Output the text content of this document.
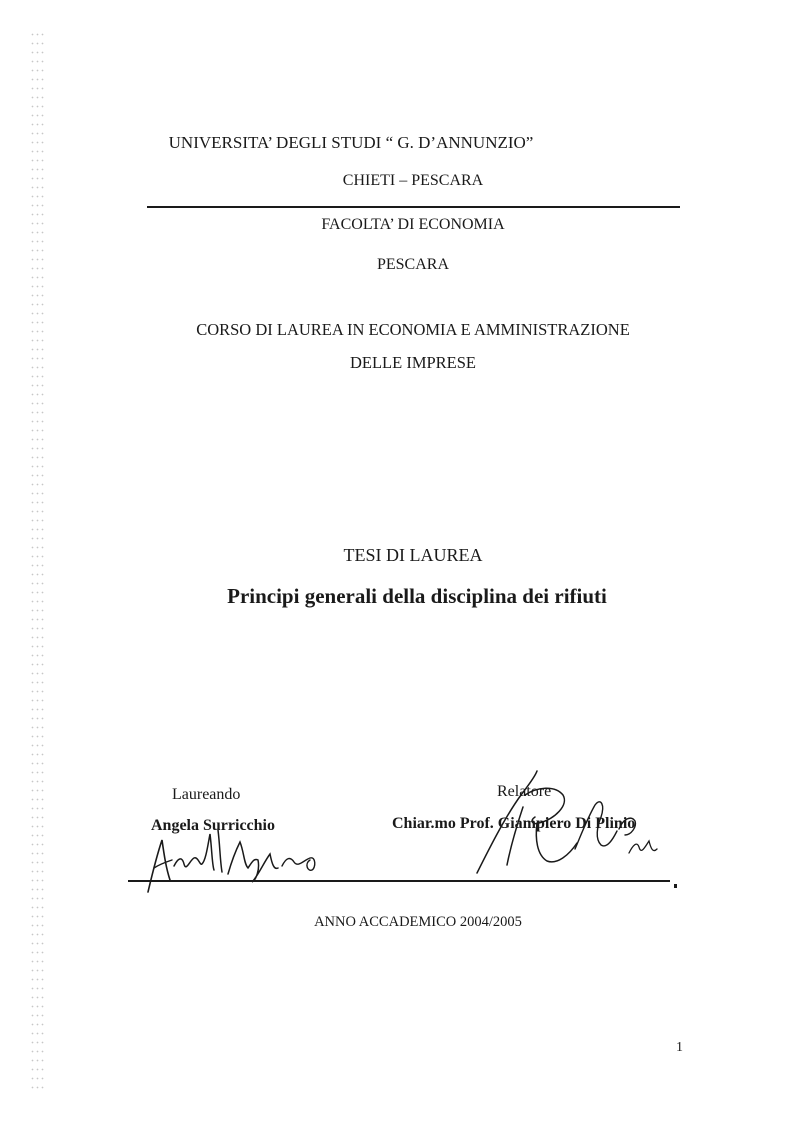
UNIVERSITA’ DEGLI STUDI “ G. D’ANNUNZIO”
CHIETI – PESCARA
FACOLTA’ DI ECONOMIA
PESCARA
CORSO DI LAUREA IN ECONOMIA E AMMINISTRAZIONE
DELLE IMPRESE
TESI DI LAUREA
Principi generali della disciplina dei rifiuti
Laureando	Relatore
Angela Surricchio	Chiar.mo Prof. Giampiero Di Plinio
ANNO ACCADEMICO 2004/2005
1
